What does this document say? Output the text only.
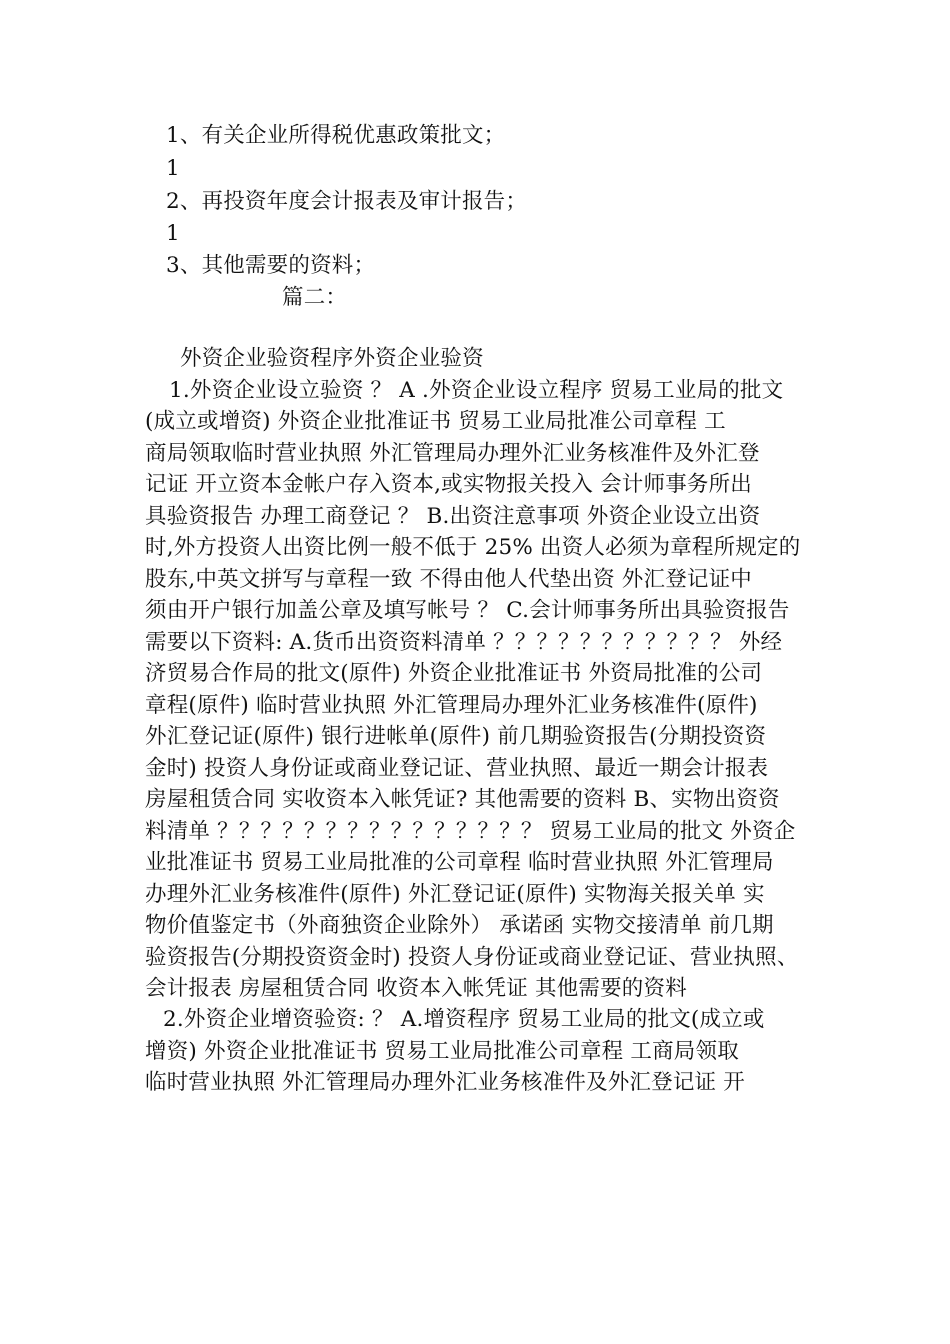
1、有关企业所得税优惠政策批文；
1
2、再投资年度会计报表及审计报告；
1
3、其他需要的资料；
篇二：
外资企业验资程序外资企业验资
1.外资企业设立验资 ？ A .外资企业设立程序 贸易工业局的批文
(成立或增资) 外资企业批准证书 贸易工业局批准公司章程 工
商局领取临时营业执照 外汇管理局办理外汇业务核准件及外汇登
记证 开立资本金帐户存入资本,或实物报关投入 会计师事务所出
具验资报告 办理工商登记 ？ B.出资注意事项 外资企业设立出资
时,外方投资人出资比例一般不低于 25% 出资人必须为章程所规定的
股东,中英文拼写与章程一致 不得由他人代垫出资 外汇登记证中
须由开户银行加盖公章及填写帐号 ？ C.会计师事务所出具验资报告
需要以下资料: A.货币出资资料清单 ？？？？？？？？？？？ 外经
济贸易合作局的批文(原件) 外资企业批准证书 外资局批准的公司
章程(原件) 临时营业执照 外汇管理局办理外汇业务核准件(原件)
外汇登记证(原件) 银行进帐单(原件) 前几期验资报告(分期投资资
金时) 投资人身份证或商业登记证、营业执照、最近一期会计报表
房屋租赁合同 实收资本入帐凭证? 其他需要的资料 B、实物出资资
料清单 ？？？？？？？？？？？？？？？ 贸易工业局的批文 外资企
业批准证书 贸易工业局批准的公司章程 临时营业执照 外汇管理局
办理外汇业务核准件(原件) 外汇登记证(原件) 实物海关报关单 实
物价值鉴定书（外商独资企业除外） 承诺函 实物交接清单 前几期
验资报告(分期投资资金时) 投资人身份证或商业登记证、营业执照、
会计报表 房屋租赁合同 收资本入帐凭证 其他需要的资料
2.外资企业增资验资: ？ A.增资程序 贸易工业局的批文(成立或
增资) 外资企业批准证书 贸易工业局批准公司章程 工商局领取
临时营业执照 外汇管理局办理外汇业务核准件及外汇登记证 开
